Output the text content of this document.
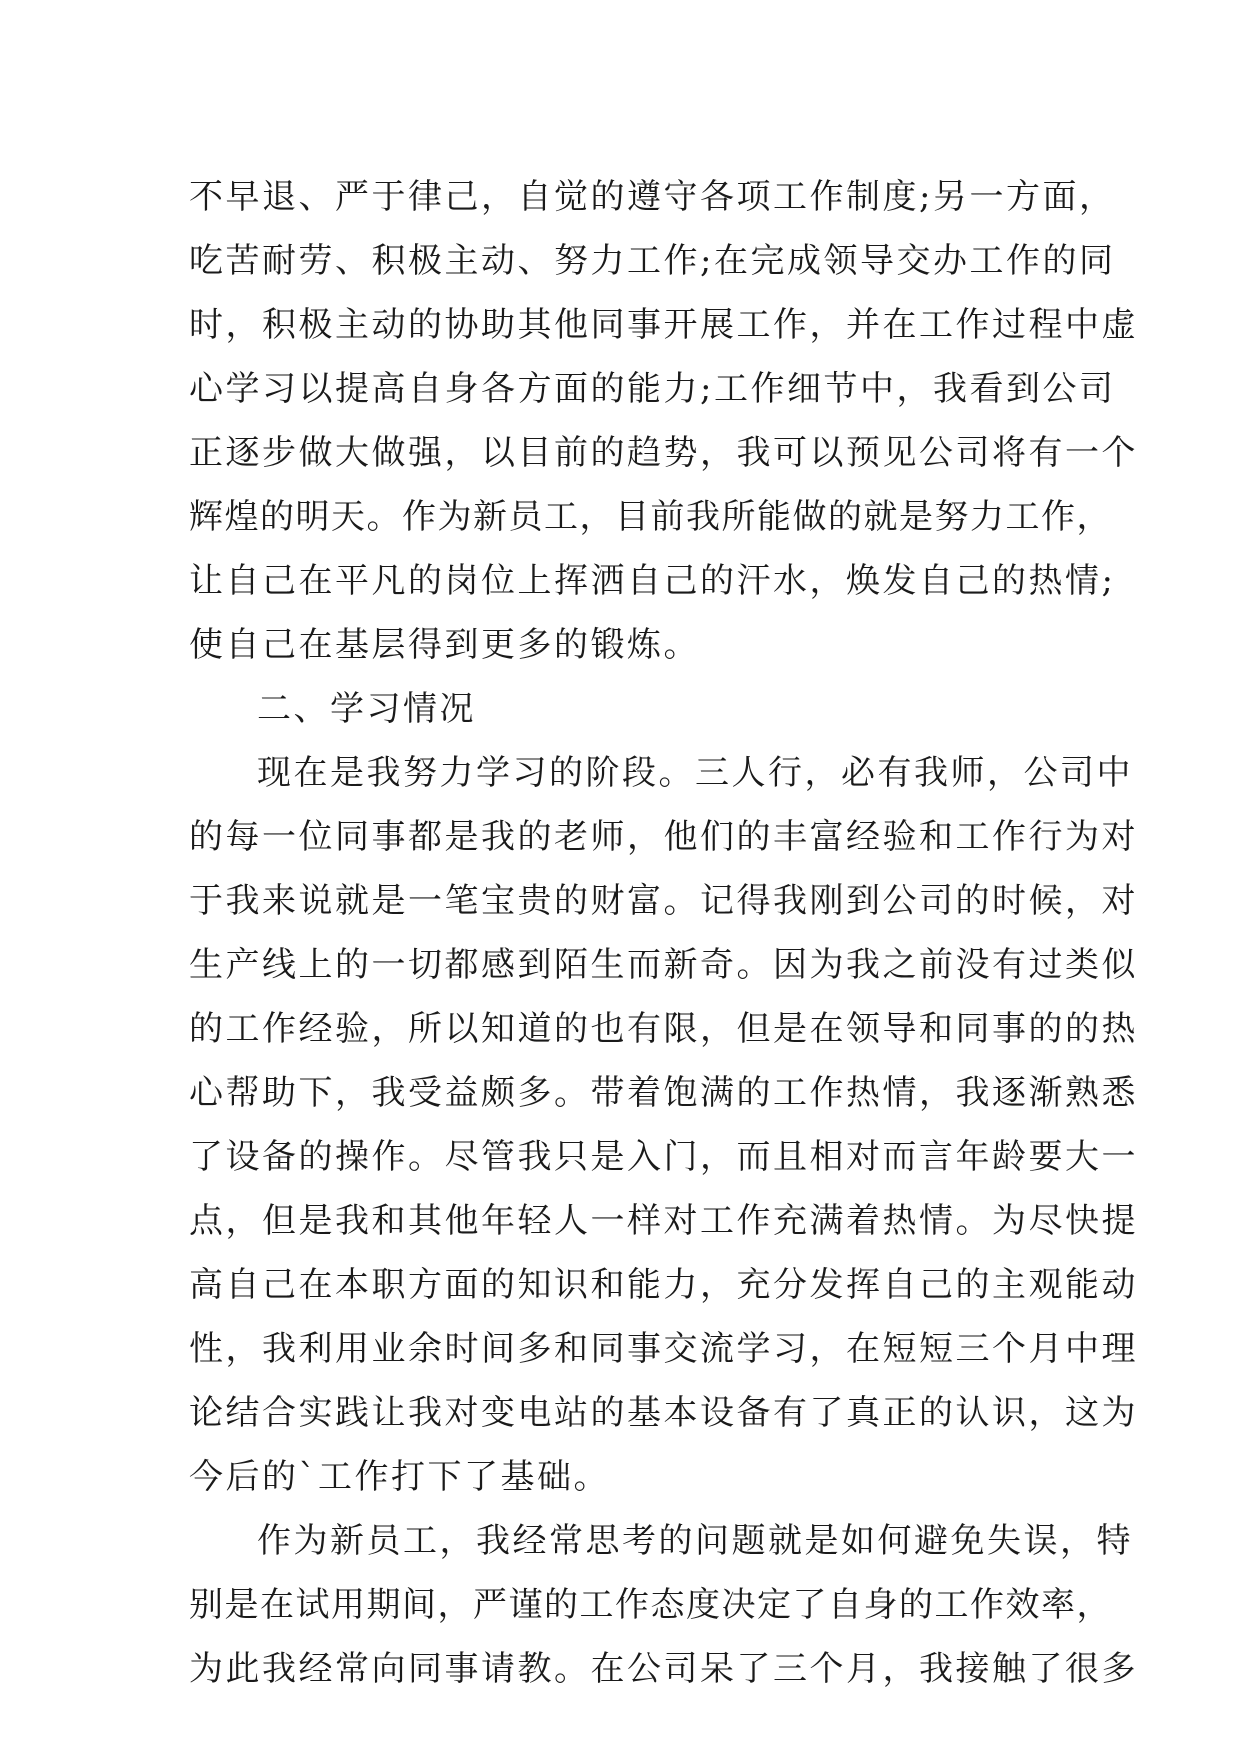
不早退、严于律己，自觉的遵守各项工作制度;另一方面，
吃苦耐劳、积极主动、努力工作;在完成领导交办工作的同
时，积极主动的协助其他同事开展工作，并在工作过程中虚
心学习以提高自身各方面的能力;工作细节中，我看到公司
正逐步做大做强，以目前的趋势，我可以预见公司将有一个
辉煌的明天。作为新员工，目前我所能做的就是努力工作，
让自己在平凡的岗位上挥洒自己的汗水，焕发自己的热情;
使自己在基层得到更多的锻炼。
二、学习情况
现在是我努力学习的阶段。三人行，必有我师，公司中
的每一位同事都是我的老师，他们的丰富经验和工作行为对
于我来说就是一笔宝贵的财富。记得我刚到公司的时候，对
生产线上的一切都感到陌生而新奇。因为我之前没有过类似
的工作经验，所以知道的也有限，但是在领导和同事的的热
心帮助下，我受益颇多。带着饱满的工作热情，我逐渐熟悉
了设备的操作。尽管我只是入门，而且相对而言年龄要大一
点，但是我和其他年轻人一样对工作充满着热情。为尽快提
高自己在本职方面的知识和能力，充分发挥自己的主观能动
性，我利用业余时间多和同事交流学习，在短短三个月中理
论结合实践让我对变电站的基本设备有了真正的认识，这为
今后的`工作打下了基础。
作为新员工，我经常思考的问题就是如何避免失误，特
别是在试用期间，严谨的工作态度决定了自身的工作效率，
为此我经常向同事请教。在公司呆了三个月，我接触了很多
